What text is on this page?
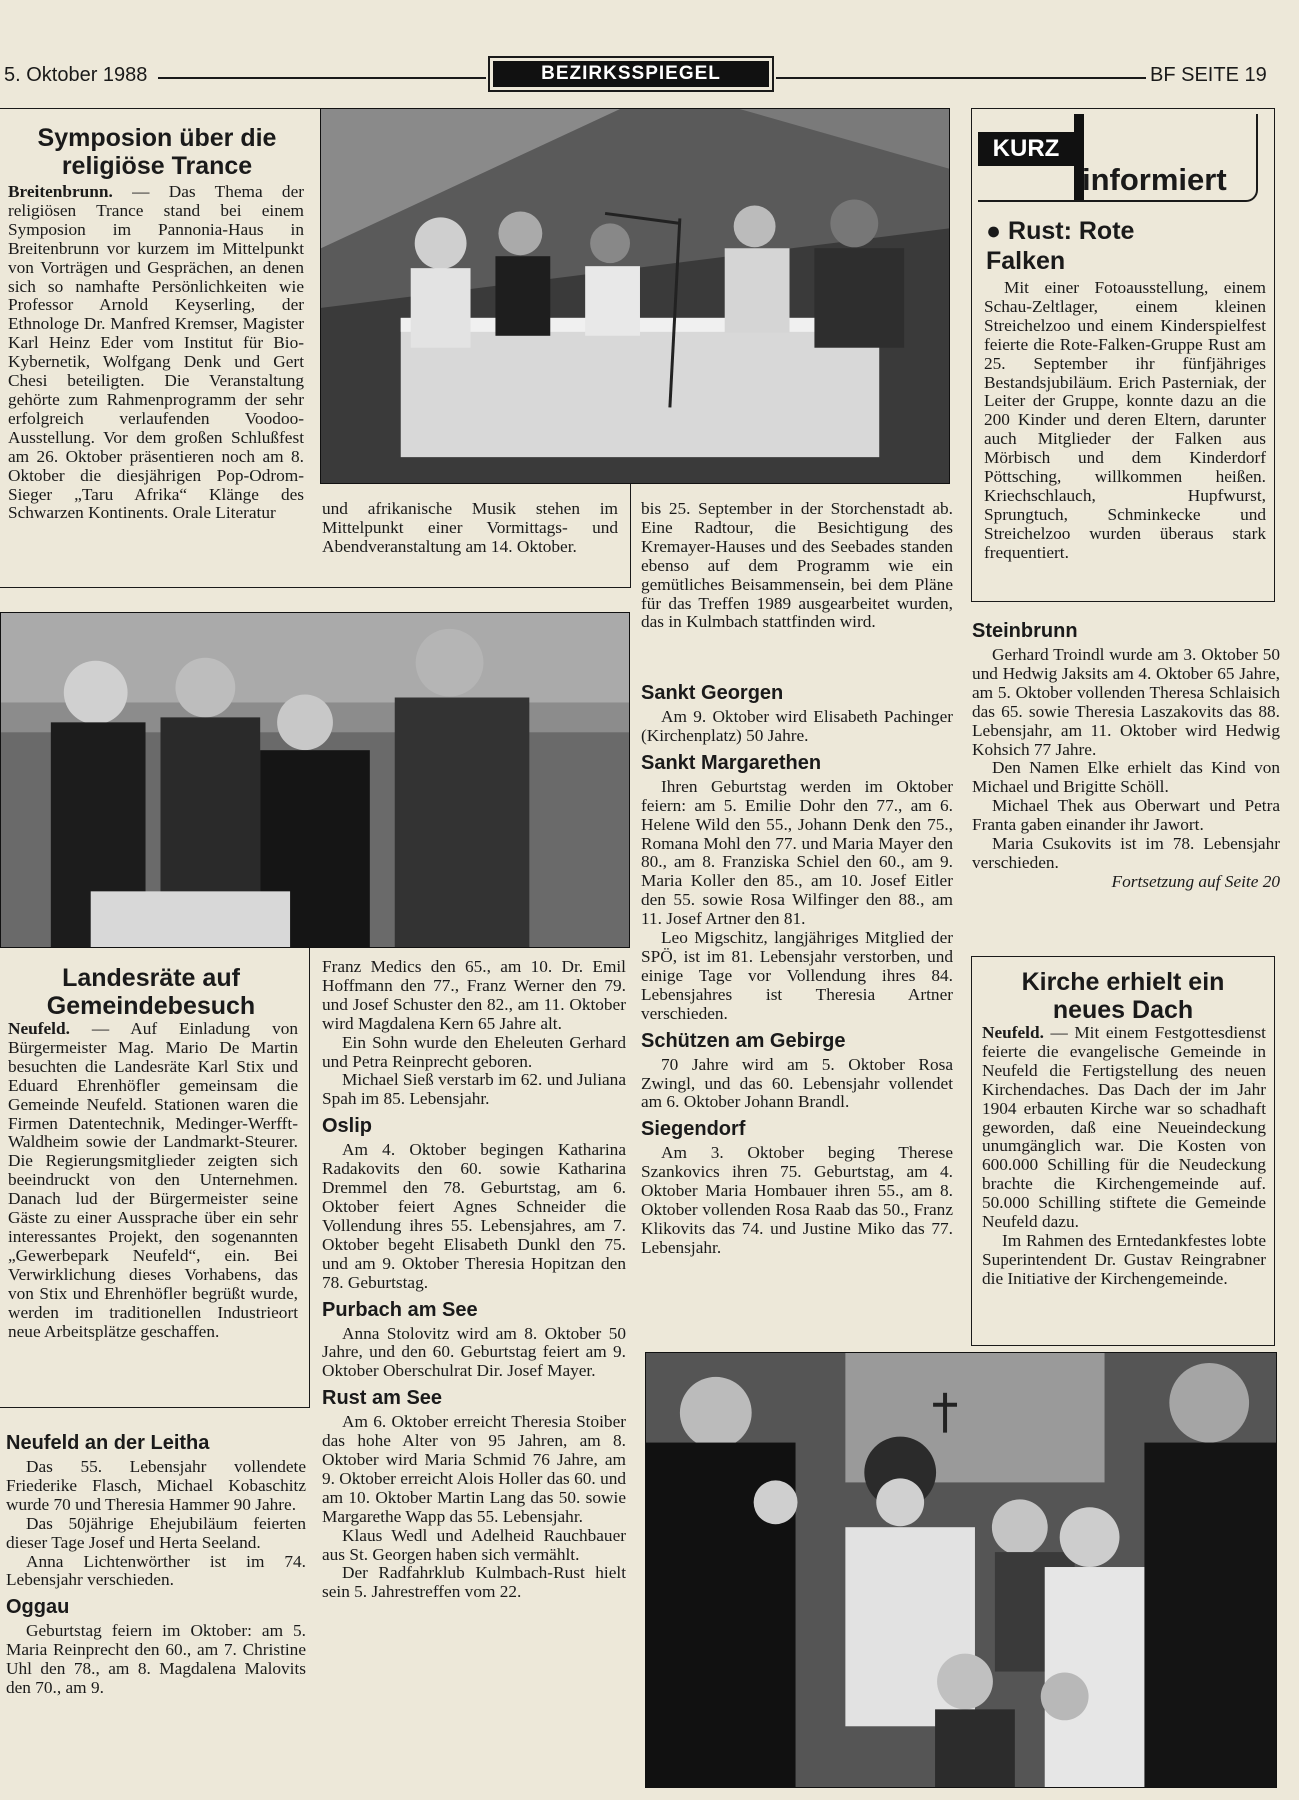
5. Oktober 1988	BEZIRKSSPIEGEL	BF SEITE 19
Symposion über die religiöse Trance
Breitenbrunn. — Das Thema der religiösen Trance stand bei einem Symposion im Pannonia-Haus in Breitenbrunn vor kurzem im Mittelpunkt von Vorträgen und Gesprächen, an denen sich so namhafte Persönlichkeiten wie Professor Arnold Keyserling, der Ethnologe Dr. Manfred Kremser, Magister Karl Heinz Eder vom Institut für Bio-Kybernetik, Wolfgang Denk und Gert Chesi beteiligten. Die Veranstaltung gehörte zum Rahmenprogramm der sehr erfolgreich verlaufenden Voodoo-Ausstellung. Vor dem großen Schlußfest am 26. Oktober präsentieren noch am 8. Oktober die diesjährigen Pop-Odrom-Sieger „Taru Afrika“ Klänge des Schwarzen Kontinents. Orale Literatur	und afrikanische Musik stehen im Mittelpunkt einer Vormittags- und Abendveranstaltung am 14. Oktober.
bis 25. September in der Storchenstadt ab. Eine Radtour, die Besichtigung des Kremayer-Hauses und des Seebades standen ebenso auf dem Programm wie ein gemütliches Beisammensein, bei dem Pläne für das Treffen 1989 ausgearbeitet wurden, das in Kulmbach stattfinden wird.
KURZ
informiert
● Rust: Rote Falken

Mit einer Fotoausstellung, einem Schau-Zeltlager, einem kleinen Streichelzoo und einem Kinderspielfest feierte die Rote-Falken-Gruppe Rust am 25. September ihr fünfjähriges Bestandsjubiläum. Erich Pasterniak, der Leiter der Gruppe, konnte dazu an die 200 Kinder und deren Eltern, darunter auch Mitglieder der Falken aus Mörbisch und dem Kinderdorf Pöttsching, willkommen heißen. Kriechschlauch, Hupfwurst, Sprungtuch, Schminkecke und Streichelzoo wurden überaus stark frequentiert.

Landesräte auf Gemeindebesuch
Neufeld. — Auf Einladung von Bürgermeister Mag. Mario De Martin besuchten die Landesräte Karl Stix und Eduard Ehrenhöfler gemeinsam die Gemeinde Neufeld. Stationen waren die Firmen Datentechnik, Medinger-Werfft-Waldheim sowie der Landmarkt-Steurer. Die Regierungsmitglieder zeigten sich beeindruckt von den Unternehmen. Danach lud der Bürgermeister seine Gäste zu einer Aussprache über ein sehr interessantes Projekt, den sogenannten „Gewerbepark Neufeld“, ein. Bei Verwirklichung dieses Vorhabens, das von Stix und Ehrenhöfler begrüßt wurde, werden im traditionellen Industrieort neue Arbeitsplätze geschaffen.
Neufeld an der Leitha

Das 55. Lebensjahr vollendete Friederike Flasch, Michael Kobaschitz wurde 70 und Theresia Hammer 90 Jahre.

Das 50jährige Ehejubiläum feierten dieser Tage Josef und Herta Seeland.

Anna Lichtenwörther ist im 74. Lebensjahr verschieden.

Oggau

Geburtstag feiern im Oktober: am 5. Maria Reinprecht den 60., am 7. Christine Uhl den 78., am 8. Magdalena Malovits den 70., am 9.

Franz Medics den 65., am 10. Dr. Emil Hoffmann den 77., Franz Werner den 79. und Josef Schuster den 82., am 11. Oktober wird Magdalena Kern 65 Jahre alt.

Ein Sohn wurde den Eheleuten Gerhard und Petra Reinprecht geboren.

Michael Sieß verstarb im 62. und Juliana Spah im 85. Lebensjahr.

Oslip

Am 4. Oktober begingen Katharina Radakovits den 60. sowie Katharina Dremmel den 78. Geburtstag, am 6. Oktober feiert Agnes Schneider die Vollendung ihres 55. Lebensjahres, am 7. Oktober begeht Elisabeth Dunkl den 75. und am 9. Oktober Theresia Hopitzan den 78. Geburtstag.

Purbach am See

Anna Stolovitz wird am 8. Oktober 50 Jahre, und den 60. Geburtstag feiert am 9. Oktober Oberschulrat Dir. Josef Mayer.

Rust am See

Am 6. Oktober erreicht Theresia Stoiber das hohe Alter von 95 Jahren, am 8. Oktober wird Maria Schmid 76 Jahre, am 9. Oktober erreicht Alois Holler das 60. und am 10. Oktober Martin Lang das 50. sowie Margarethe Wapp das 55. Lebensjahr.

Klaus Wedl und Adelheid Rauchbauer aus St. Georgen haben sich vermählt.

Der Radfahrklub Kulmbach-Rust hielt sein 5. Jahrestreffen vom 22.

Sankt Georgen

Am 9. Oktober wird Elisabeth Pachinger (Kirchenplatz) 50 Jahre.

Sankt Margarethen

Ihren Geburtstag werden im Oktober feiern: am 5. Emilie Dohr den 77., am 6. Helene Wild den 55., Johann Denk den 75., Romana Mohl den 77. und Maria Mayer den 80., am 8. Franziska Schiel den 60., am 9. Maria Koller den 85., am 10. Josef Eitler den 55. sowie Rosa Wilfinger den 88., am 11. Josef Artner den 81.

Leo Migschitz, langjähriges Mitglied der SPÖ, ist im 81. Lebensjahr verstorben, und einige Tage vor Vollendung ihres 84. Lebensjahres ist Theresia Artner verschieden.

Schützen am Gebirge

70 Jahre wird am 5. Oktober Rosa Zwingl, und das 60. Lebensjahr vollendet am 6. Oktober Johann Brandl.

Siegendorf

Am 3. Oktober beging Therese Szankovics ihren 75. Geburtstag, am 4. Oktober Maria Hombauer ihren 55., am 8. Oktober vollenden Rosa Raab das 50., Franz Klikovits das 74. und Justine Miko das 77. Lebensjahr.

Steinbrunn

Gerhard Troindl wurde am 3. Oktober 50 und Hedwig Jaksits am 4. Oktober 65 Jahre, am 5. Oktober vollenden Theresa Schlaisich das 65. sowie Theresia Laszakovits das 88. Lebensjahr, am 11. Oktober wird Hedwig Kohsich 77 Jahre.

Den Namen Elke erhielt das Kind von Michael und Brigitte Schöll.

Michael Thek aus Oberwart und Petra Franta gaben einander ihr Jawort.

Maria Csukovits ist im 78. Lebensjahr verschieden.

Fortsetzung auf Seite 20
Kirche erhielt ein neues Dach

Neufeld. — Mit einem Festgottesdienst feierte die evangelische Gemeinde in Neufeld die Fertigstellung des neuen Kirchendaches. Das Dach der im Jahr 1904 erbauten Kirche war so schadhaft geworden, daß eine Neueindeckung unumgänglich war. Die Kosten von 600.000 Schilling für die Neudeckung brachte die Kirchengemeinde auf. 50.000 Schilling stiftete die Gemeinde Neufeld dazu.

Im Rahmen des Erntedankfestes lobte Superintendent Dr. Gustav Reingrabner die Initiative der Kirchengemeinde.
